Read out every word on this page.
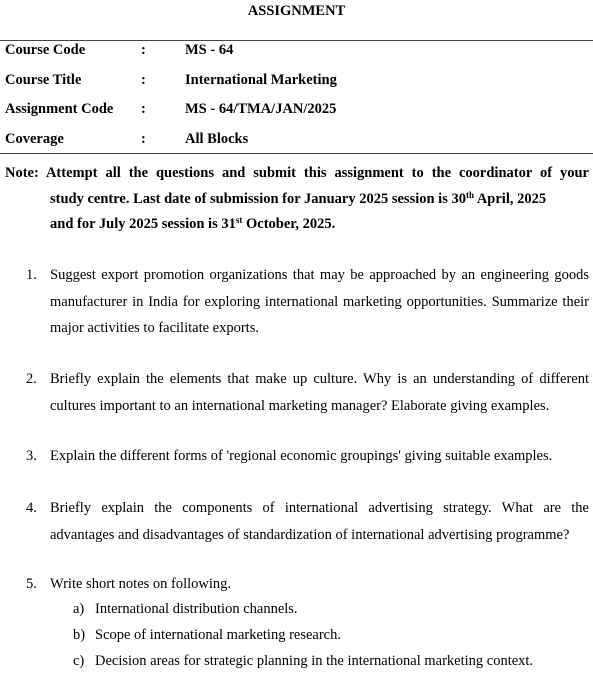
ASSIGNMENT
Course Code	:	MS - 64
Course Title	:	International Marketing
Assignment Code :	MS - 64/TMA/JAN/2025
Coverage	:	All Blocks
Note: Attempt all the questions and submit this assignment to the coordinator of your
study centre. Last date of submission for January 2025 session is 30th April, 2025
and for July 2025 session is 31st October, 2025.
1. Suggest export promotion organizations that may be approached by an engineering goods manufacturer in India for exploring international marketing opportunities. Summarize their major activities to facilitate exports.
2. Briefly explain the elements that make up culture. Why is an understanding of different cultures important to an international marketing manager? Elaborate giving examples.
3. Explain the different forms of 'regional economic groupings' giving suitable examples.
4. Briefly explain the components of international advertising strategy. What are the advantages and disadvantages of standardization of international advertising programme?
5. Write short notes on following.
a) International distribution channels.
b) Scope of international marketing research.
c) Decision areas for strategic planning in the international marketing context.
